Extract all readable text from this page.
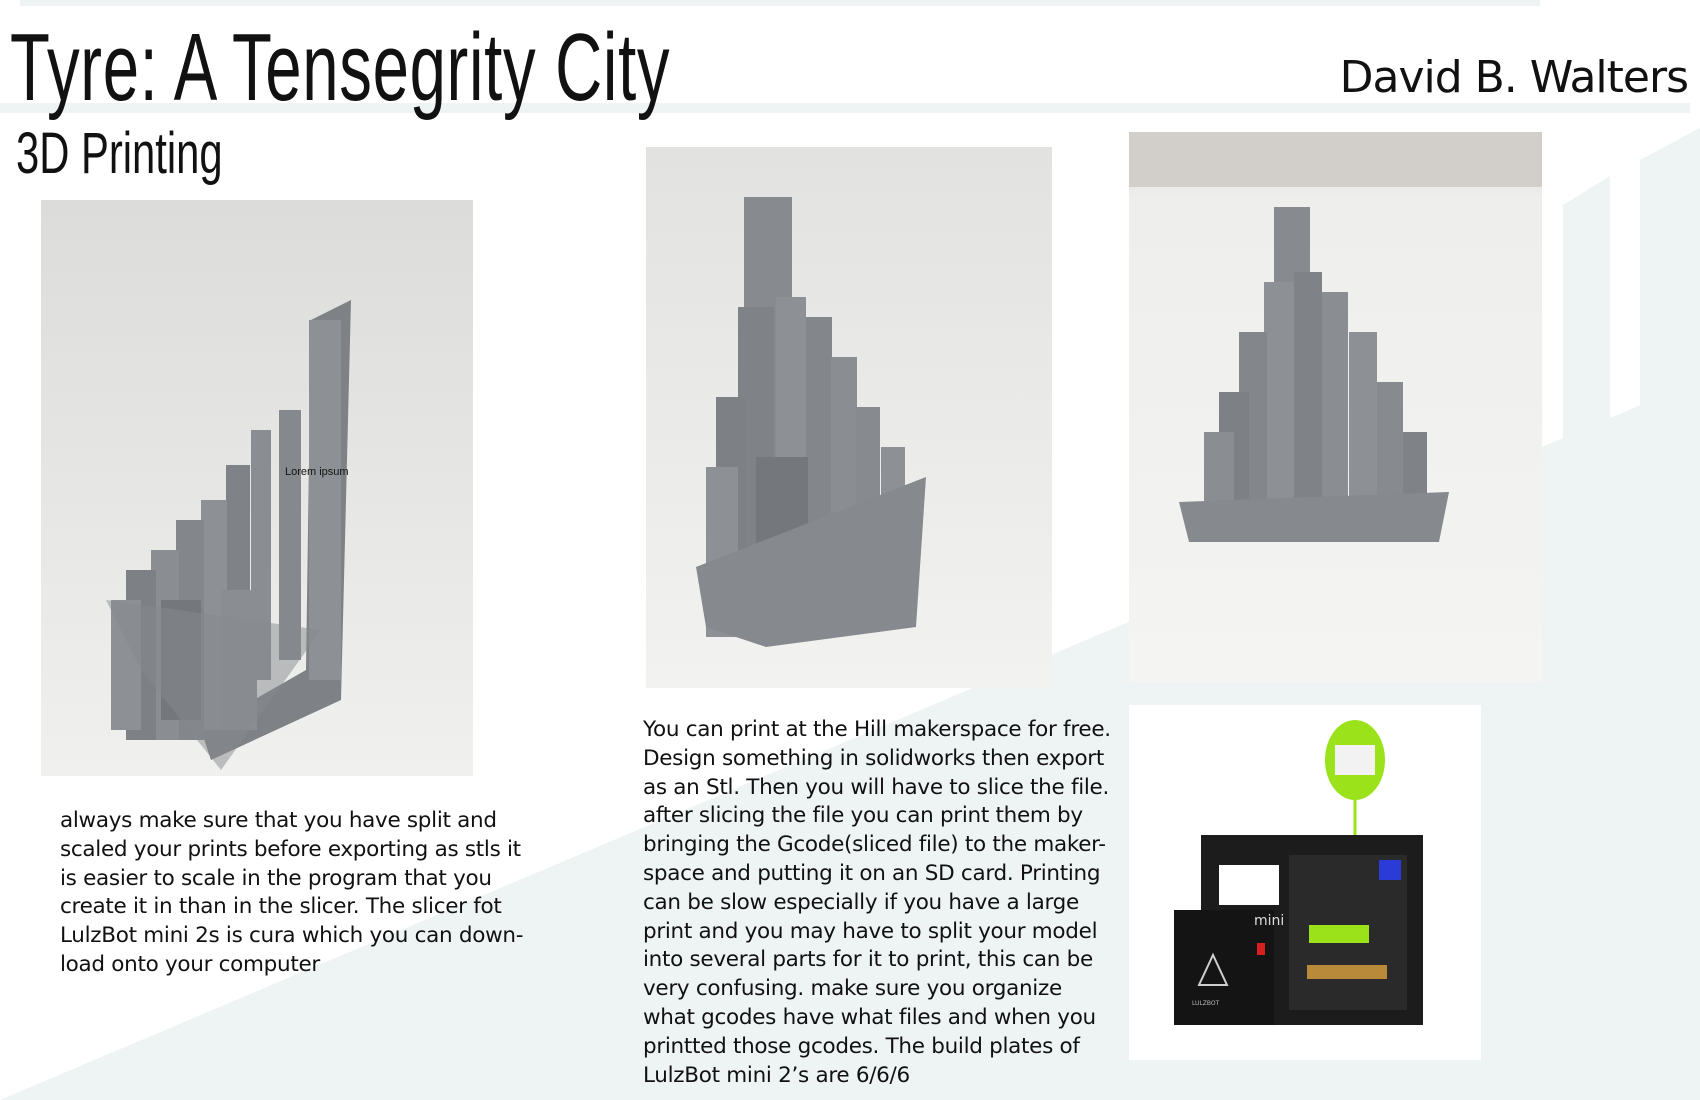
Tyre: A Tensegrity City
3D Printing
David B. Walters
Lorem ipsum
mini
LULZBOT
always make sure that you have split and
scaled your prints before exporting as stls it
is easier to scale in the program that you
create it in than in the slicer. The slicer fot
LulzBot mini 2s is cura which you can down-
load onto your computer
You can print at the Hill makerspace for free.
Design something in solidworks then export
as an Stl. Then you will have to slice the file.
after slicing the file you can print them by
bringing the Gcode(sliced file) to the maker-
space and putting it on an SD card. Printing
can be slow especially if you have a large
print and you may have to split your model
into several parts for it to print, this can be
very confusing. make sure you organize
what gcodes have what files and when you
printted those gcodes. The build plates of
LulzBot mini 2’s are 6/6/6
